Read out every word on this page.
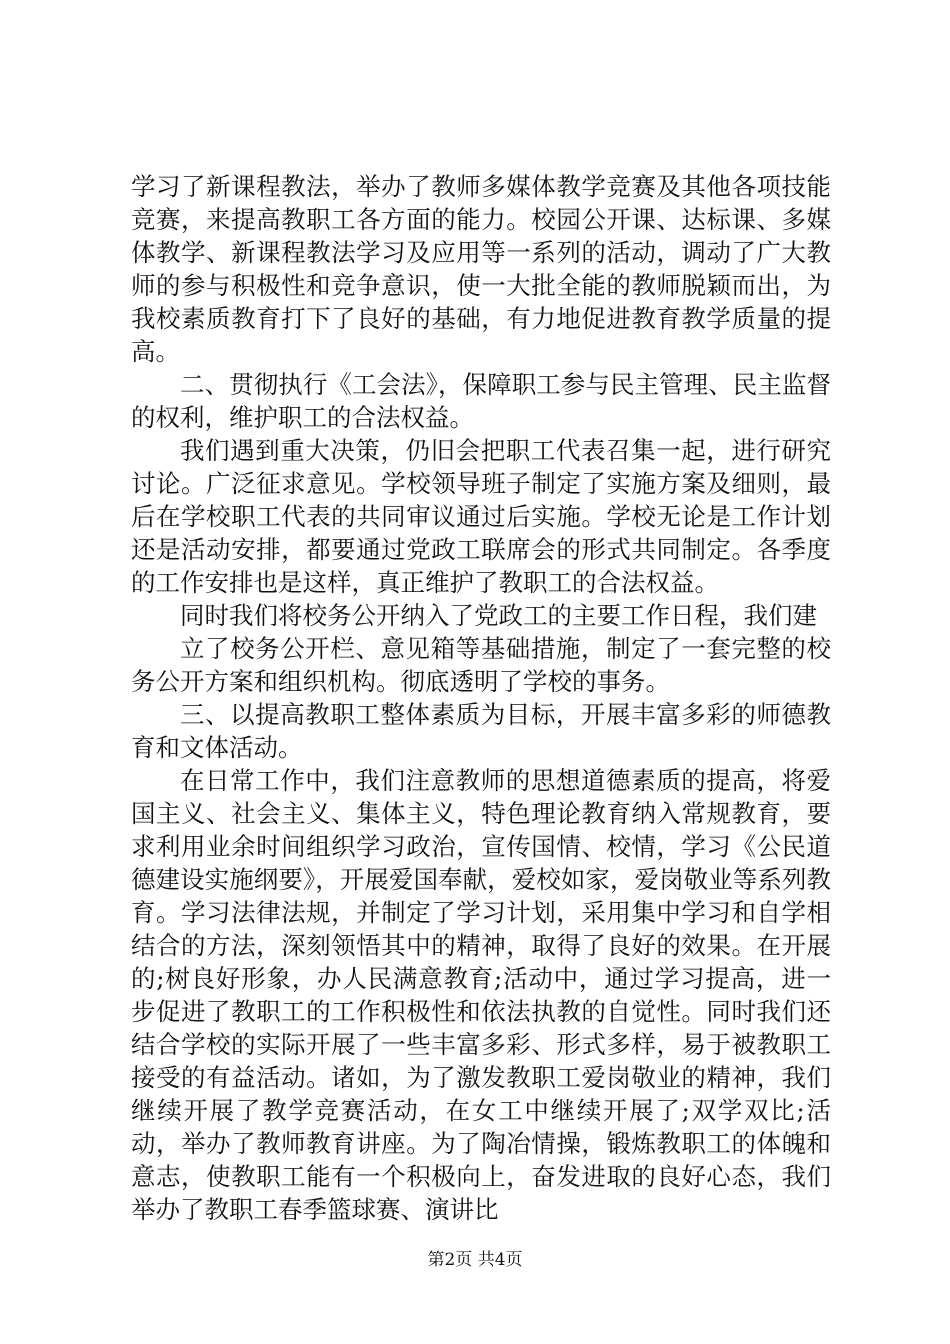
学习了新课程教法，举办了教师多媒体教学竞赛及其他各项技能竞赛，来提高教职工各方面的能力。校园公开课、达标课、多媒体教学、新课程教法学习及应用等一系列的活动，调动了广大教师的参与积极性和竞争意识，使一大批全能的教师脱颖而出，为我校素质教育打下了良好的基础，有力地促进教育教学质量的提高。

二、贯彻执行《工会法》，保障职工参与民主管理、民主监督的权利，维护职工的合法权益。

我们遇到重大决策，仍旧会把职工代表召集一起，进行研究讨论。广泛征求意见。学校领导班子制定了实施方案及细则，最后在学校职工代表的共同审议通过后实施。学校无论是工作计划还是活动安排，都要通过党政工联席会的形式共同制定。各季度的工作安排也是这样，真正维护了教职工的合法权益。

同时我们将校务公开纳入了党政工的主要工作日程，我们建

立了校务公开栏、意见箱等基础措施，制定了一套完整的校务公开方案和组织机构。彻底透明了学校的事务。

三、以提高教职工整体素质为目标，开展丰富多彩的师德教育和文体活动。

在日常工作中，我们注意教师的思想道德素质的提高，将爱国主义、社会主义、集体主义，特色理论教育纳入常规教育，要求利用业余时间组织学习政治，宣传国情、校情，学习《公民道德建设实施纲要》，开展爱国奉献，爱校如家，爱岗敬业等系列教育。学习法律法规，并制定了学习计划，采用集中学习和自学相结合的方法，深刻领悟其中的精神，取得了良好的效果。在开展的;树良好形象，办人民满意教育;活动中，通过学习提高，进一步促进了教职工的工作积极性和依法执教的自觉性。同时我们还结合学校的实际开展了一些丰富多彩、形式多样，易于被教职工接受的有益活动。诸如，为了激发教职工爱岗敬业的精神，我们继续开展了教学竞赛活动，在女工中继续开展了;双学双比;活动，举办了教师教育讲座。为了陶冶情操，锻炼教职工的体魄和意志，使教职工能有一个积极向上，奋发进取的良好心态，我们举办了教职工春季篮球赛、演讲比

第2页 共4页
